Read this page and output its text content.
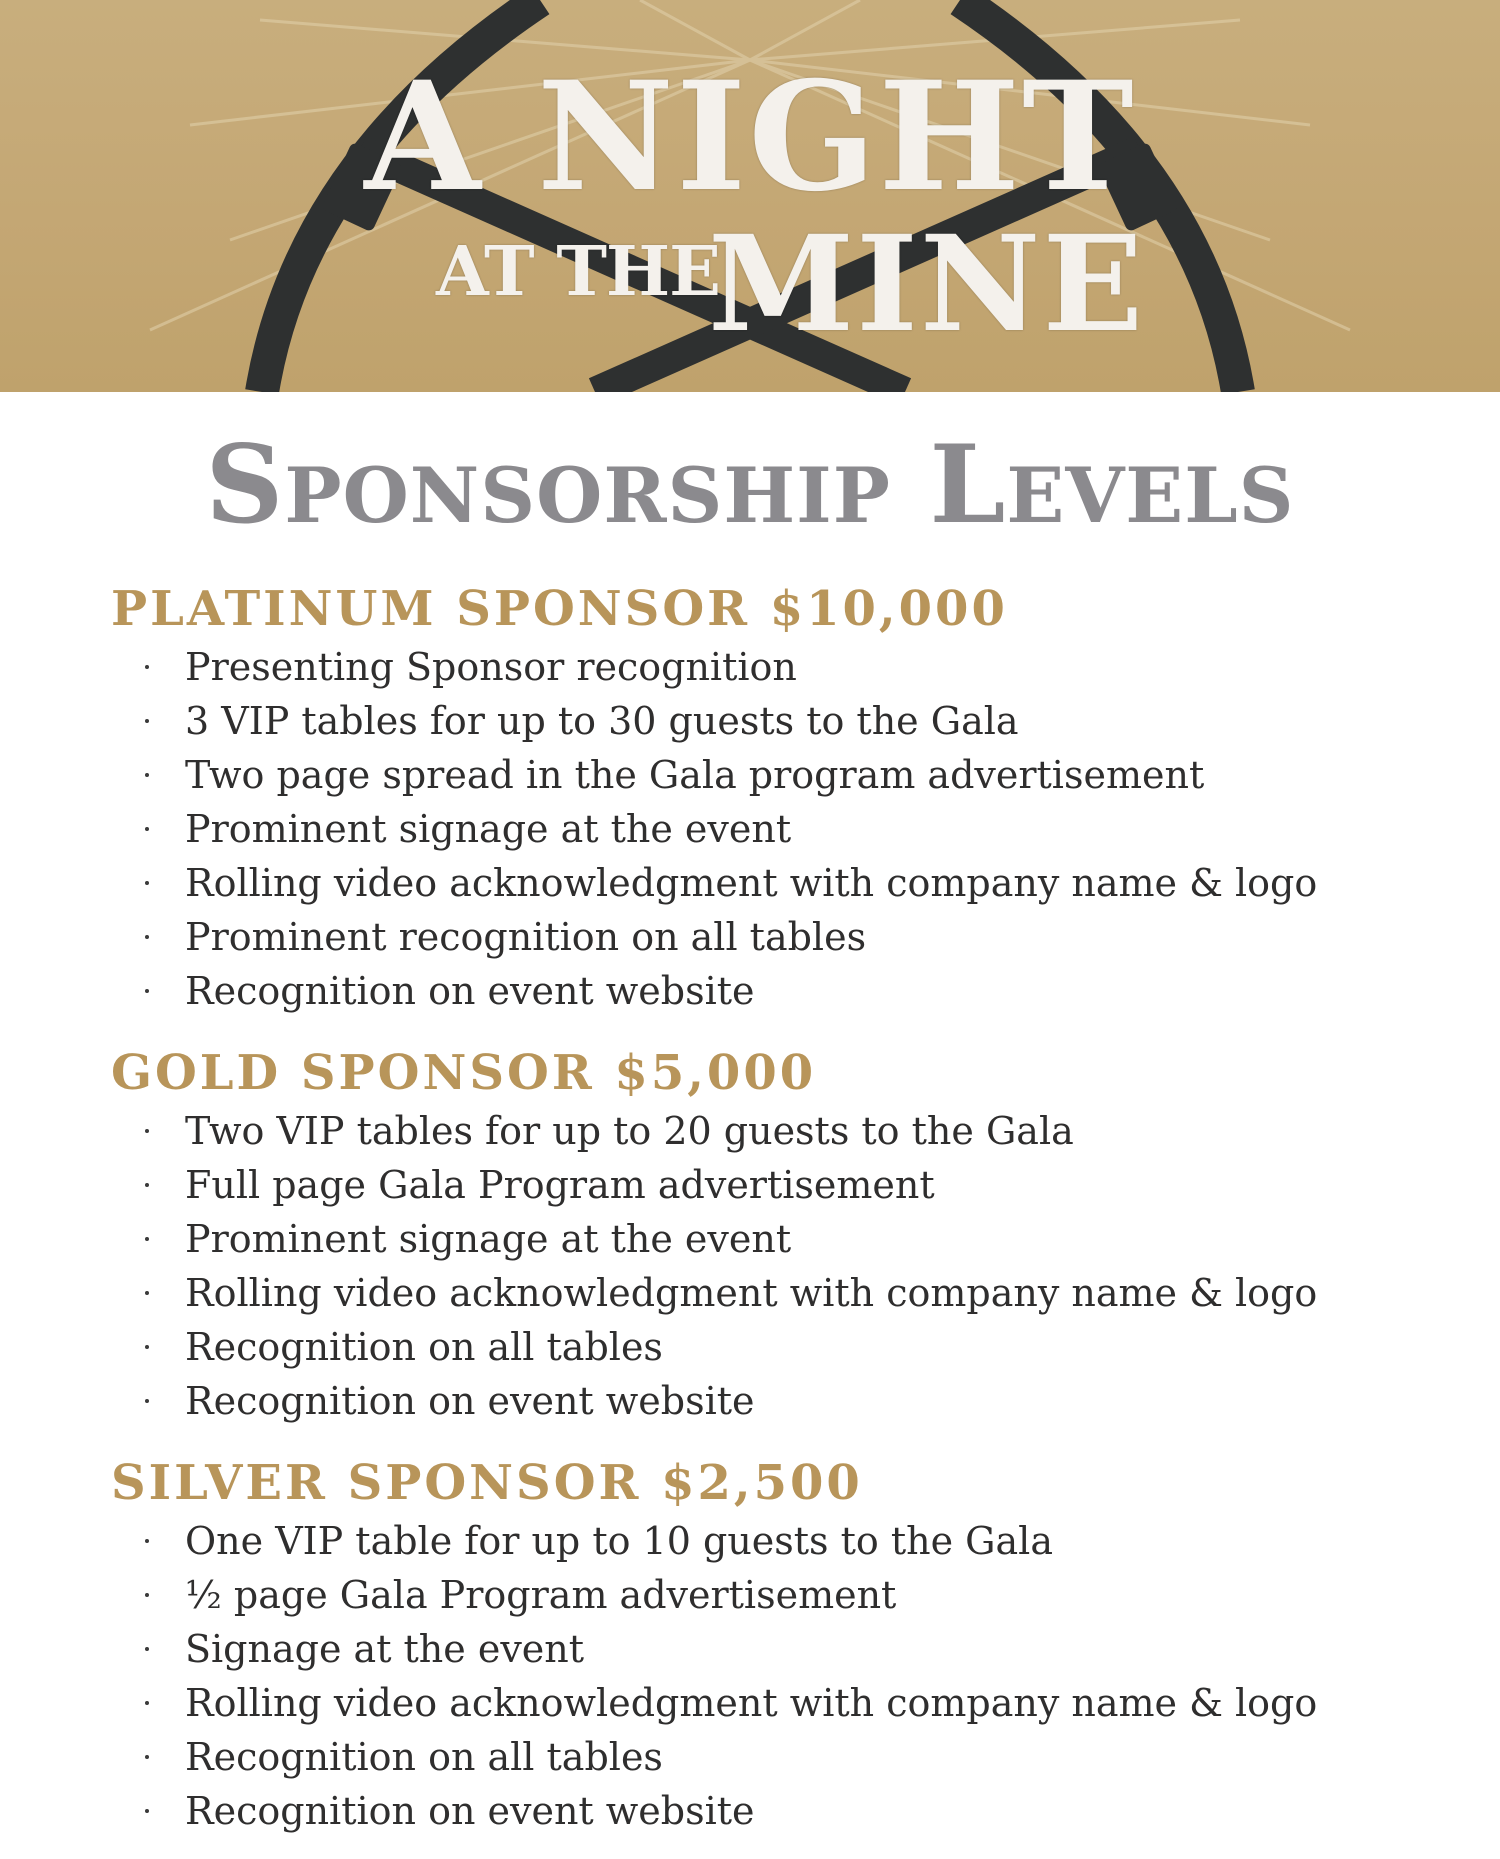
A NIGHT
AT THE
MINE
Sponsorship Levels
PLATINUM SPONSOR $10,000
Presenting Sponsor recognition
3 VIP tables for up to 30 guests to the Gala
Two page spread in the Gala program advertisement
Prominent signage at the event
Rolling video acknowledgment with company name & logo
Prominent recognition on all tables
Recognition on event website
GOLD SPONSOR $5,000
Two VIP tables for up to 20 guests to the Gala
Full page Gala Program advertisement
Prominent signage at the event
Rolling video acknowledgment with company name & logo
Recognition on all tables
Recognition on event website
SILVER SPONSOR $2,500
One VIP table for up to 10 guests to the Gala
½ page Gala Program advertisement
Signage at the event
Rolling video acknowledgment with company name & logo
Recognition on all tables
Recognition on event website
